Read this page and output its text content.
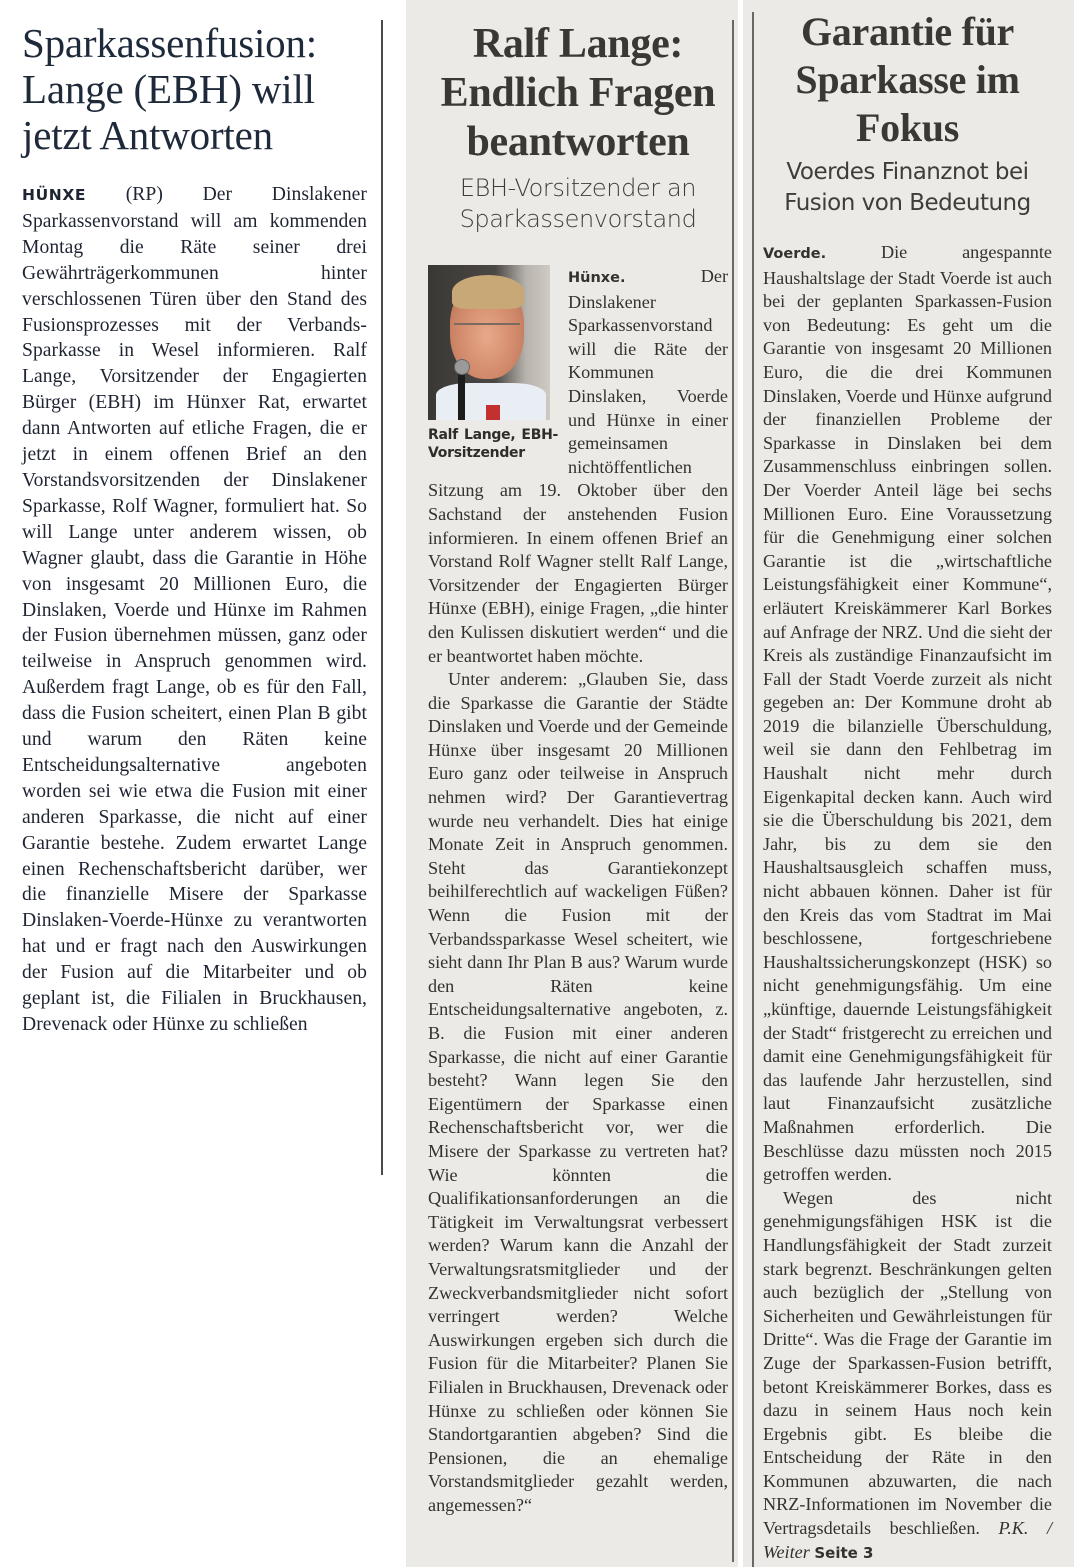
Sparkassenfusion: Lange (EBH) will jetzt Antworten

HÜNXE (RP) Der Dinslakener Sparkassenvorstand will am kommenden Montag die Räte seiner drei Gewährträgerkommunen hinter verschlossenen Türen über den Stand des Fusionsprozesses mit der Verbands-Sparkasse in Wesel informieren. Ralf Lange, Vorsitzender der Engagierten Bürger (EBH) im Hünxer Rat, erwartet dann Antworten auf etliche Fragen, die er jetzt in einem offenen Brief an den Vorstandsvorsitzenden der Dinslakener Sparkasse, Rolf Wagner, formuliert hat. So will Lange unter anderem wissen, ob Wagner glaubt, dass die Garantie in Höhe von insgesamt 20 Millionen Euro, die Dinslaken, Voerde und Hünxe im Rahmen der Fusion übernehmen müssen, ganz oder teilweise in Anspruch genommen wird. Außerdem fragt Lange, ob es für den Fall, dass die Fusion scheitert, einen Plan B gibt und warum den Räten keine Entscheidungsalternative angeboten worden sei wie etwa die Fusion mit einer anderen Sparkasse, die nicht auf einer Garantie bestehe. Zudem erwartet Lange einen Rechenschaftsbericht darüber, wer die finanzielle Misere der Sparkasse Dinslaken-Voerde-Hünxe zu verantworten hat und er fragt nach den Auswirkungen der Fusion auf die Mitarbeiter und ob geplant ist, die Filialen in Bruckhausen, Drevenack oder Hünxe zu schließen

Ralf Lange: Endlich Fragen beantworten
EBH-Vorsitzender an Sparkassenvorstand
Ralf Lange, EBH-Vorsitzender

Hünxe.	Der Dinslakener Sparkassenvorstand will die Räte der Kommunen Dinslaken, Voerde und Hünxe in einer gemeinsamen nichtöffentlichen Sitzung am 19. Oktober über den Sachstand der anstehenden Fusion informieren. In einem offenen Brief an Vorstand Rolf Wagner stellt Ralf Lange, Vorsitzender der Engagierten Bürger Hünxe (EBH), einige Fragen, „die hinter den Kulissen diskutiert werden“ und die er beantwortet haben möchte.

Unter anderem: „Glauben Sie, dass die Sparkasse die Garantie der Städte Dinslaken und Voerde und der Gemeinde Hünxe über insgesamt 20 Millionen Euro ganz oder teilweise in Anspruch nehmen wird? Der Garantievertrag wurde neu verhandelt. Dies hat einige Monate Zeit in Anspruch genommen. Steht das Garantiekonzept beihilferechtlich auf wackeligen Füßen? Wenn die Fusion mit der Verbandssparkasse Wesel scheitert, wie sieht dann Ihr Plan B aus? Warum wurde den Räten keine Entscheidungsalternative angeboten, z. B. die Fusion mit einer anderen Sparkasse, die nicht auf einer Garantie besteht? Wann legen Sie den Eigentümern der Sparkasse einen Rechenschaftsbericht vor, wer die Misere der Sparkasse zu vertreten hat? Wie könnten die Qualifikationsanforderungen an die Tätigkeit im Verwaltungsrat verbessert werden? Warum kann die Anzahl der Verwaltungsratsmitglieder und der Zweckverbandsmitglieder nicht sofort verringert werden? Welche Auswirkungen ergeben sich durch die Fusion für die Mitarbeiter? Planen Sie Filialen in Bruckhausen, Drevenack oder Hünxe zu schließen oder können Sie Standortgarantien abgeben? Sind die Pensionen, die an ehemalige Vorstandsmitglieder gezahlt werden, angemessen?“

Garantie für Sparkasse im Fokus
Voerdes Finanznot bei Fusion von Bedeutung

Voerde.	Die angespannte Haushaltslage der Stadt Voerde ist auch bei der geplanten Sparkassen-Fusion von Bedeutung: Es geht um die Garantie von insgesamt 20 Millionen Euro, die die drei Kommunen Dinslaken, Voerde und Hünxe aufgrund der finanziellen Probleme der Sparkasse in Dinslaken bei dem Zusammenschluss einbringen sollen. Der Voerder Anteil läge bei sechs Millionen Euro. Eine Voraussetzung für die Genehmigung einer solchen Garantie ist die „wirtschaftliche Leistungsfähigkeit einer Kommune“, erläutert Kreiskämmerer Karl Borkes auf Anfrage der NRZ. Und die sieht der Kreis als zuständige Finanzaufsicht im Fall der Stadt Voerde zurzeit als nicht gegeben an: Der Kommune droht ab 2019 die bilanzielle Überschuldung, weil sie dann den Fehlbetrag im Haushalt nicht mehr durch Eigenkapital decken kann. Auch wird sie die Überschuldung bis 2021, dem Jahr, bis zu dem sie den Haushaltsausgleich schaffen muss, nicht abbauen können. Daher ist für den Kreis das vom Stadtrat im Mai beschlossene, fortgeschriebene Haushaltssicherungskonzept (HSK) so nicht genehmigungsfähig. Um eine „künftige, dauernde Leistungsfähigkeit der Stadt“ fristgerecht zu erreichen und damit eine Genehmigungsfähigkeit für das laufende Jahr herzustellen, sind laut Finanzaufsicht zusätzliche Maßnahmen erforderlich. Die Beschlüsse dazu müssten noch 2015 getroffen werden.

Wegen des nicht genehmigungsfähigen HSK ist die Handlungsfähigkeit der Stadt zurzeit stark begrenzt. Beschränkungen gelten auch bezüglich der „Stellung von Sicherheiten und Gewährleistungen für Dritte“. Was die Frage der Garantie im Zuge der Sparkassen-Fusion betrifft, betont Kreiskämmerer Borkes, dass es dazu in seinem Haus noch kein Ergebnis gibt. Es bleibe die Entscheidung der Räte in den Kommunen abzuwarten, die nach NRZ-Informationen im November die Vertragsdetails beschließen. P.K. / Weiter Seite 3
